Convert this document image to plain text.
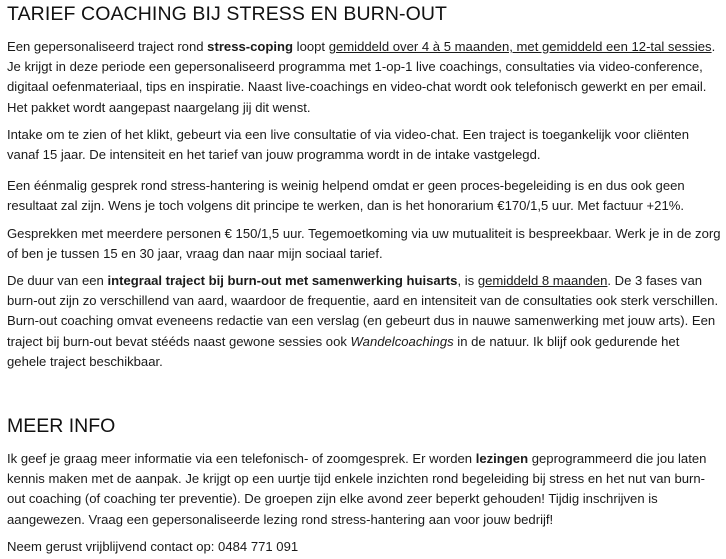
TARIEF COACHING BIJ STRESS EN BURN-OUT

Een gepersonaliseerd traject rond stress-coping loopt gemiddeld over 4 à 5 maanden, met gemiddeld een 12-tal sessies. Je krijgt in deze periode een gepersonaliseerd programma met 1-op-1 live coachings, consultaties via video-conference, digitaal oefenmateriaal, tips en inspiratie. Naast live-coachings en video-chat wordt ook telefonisch gewerkt en per email. Het pakket wordt aangepast naargelang jij dit wenst.

Intake om te zien of het klikt, gebeurt via een live consultatie of via video-chat. Een traject is toegankelijk voor cliënten vanaf 15 jaar. De intensiteit en het tarief van jouw programma wordt in de intake vastgelegd.

Een éénmalig gesprek rond stress-hantering is weinig helpend omdat er geen proces-begeleiding is en dus ook geen resultaat zal zijn. Wens je toch volgens dit principe te werken, dan is het honorarium €170/1,5 uur. Met factuur +21%.

Gesprekken met meerdere personen € 150/1,5 uur. Tegemoetkoming via uw mutualiteit is bespreekbaar. Werk je in de zorg of ben je tussen 15 en 30 jaar, vraag dan naar mijn sociaal tarief.

De duur van een integraal traject bij burn-out met samenwerking huisarts, is gemiddeld 8 maanden. De 3 fases van burn-out zijn zo verschillend van aard, waardoor de frequentie, aard en intensiteit van de consultaties ook sterk verschillen. Burn-out coaching omvat eveneens redactie van een verslag (en gebeurt dus in nauwe samenwerking met jouw arts). Een traject bij burn-out bevat stééds naast gewone sessies ook Wandelcoachings in de natuur. Ik blijf ook gedurende het gehele traject beschikbaar.

MEER INFO

Ik geef je graag meer informatie via een telefonisch- of zoomgesprek. Er worden lezingen geprogrammeerd die jou laten kennis maken met de aanpak. Je krijgt op een uurtje tijd enkele inzichten rond begeleiding bij stress en het nut van burn-out coaching (of coaching ter preventie). De groepen zijn elke avond zeer beperkt gehouden! Tijdig inschrijven is aangewezen. Vraag een gepersonaliseerde lezing rond stress-hantering aan voor jouw bedrijf!

Neem gerust vrijblijvend contact op: 0484 771 091
